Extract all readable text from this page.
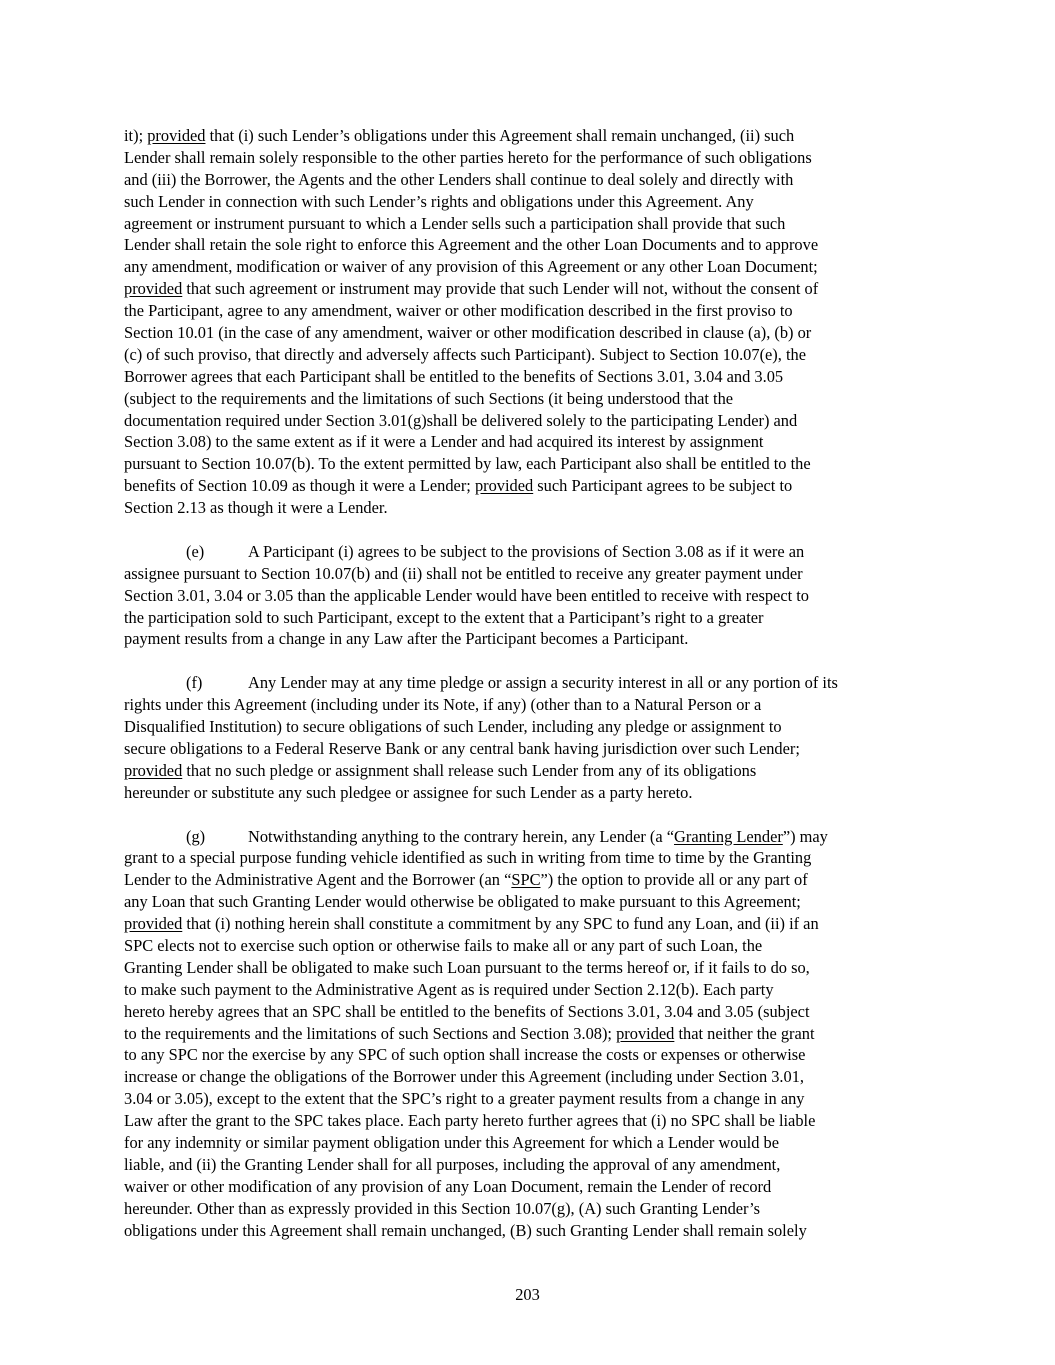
it); provided that (i) such Lender’s obligations under this Agreement shall remain unchanged, (ii) such
Lender shall remain solely responsible to the other parties hereto for the performance of such obligations
and (iii) the Borrower, the Agents and the other Lenders shall continue to deal solely and directly with
such Lender in connection with such Lender’s rights and obligations under this Agreement. Any
agreement or instrument pursuant to which a Lender sells such a participation shall provide that such
Lender shall retain the sole right to enforce this Agreement and the other Loan Documents and to approve
any amendment, modification or waiver of any provision of this Agreement or any other Loan Document;
provided that such agreement or instrument may provide that such Lender will not, without the consent of
the Participant, agree to any amendment, waiver or other modification described in the first proviso to
Section 10.01 (in the case of any amendment, waiver or other modification described in clause (a), (b) or
(c) of such proviso, that directly and adversely affects such Participant). Subject to Section 10.07(e), the
Borrower agrees that each Participant shall be entitled to the benefits of Sections 3.01, 3.04 and 3.05
(subject to the requirements and the limitations of such Sections (it being understood that the
documentation required under Section 3.01(g)shall be delivered solely to the participating Lender) and
Section 3.08) to the same extent as if it were a Lender and had acquired its interest by assignment
pursuant to Section 10.07(b). To the extent permitted by law, each Participant also shall be entitled to the
benefits of Section 10.09 as though it were a Lender; provided such Participant agrees to be subject to
Section 2.13 as though it were a Lender.
(e)	A Participant (i) agrees to be subject to the provisions of Section 3.08 as if it were an
assignee pursuant to Section 10.07(b) and (ii) shall not be entitled to receive any greater payment under
Section 3.01, 3.04 or 3.05 than the applicable Lender would have been entitled to receive with respect to
the participation sold to such Participant, except to the extent that a Participant’s right to a greater
payment results from a change in any Law after the Participant becomes a Participant.
(f)	Any Lender may at any time pledge or assign a security interest in all or any portion of its
rights under this Agreement (including under its Note, if any) (other than to a Natural Person or a
Disqualified Institution) to secure obligations of such Lender, including any pledge or assignment to
secure obligations to a Federal Reserve Bank or any central bank having jurisdiction over such Lender;
provided that no such pledge or assignment shall release such Lender from any of its obligations
hereunder or substitute any such pledgee or assignee for such Lender as a party hereto.
(g)	Notwithstanding anything to the contrary herein, any Lender (a “Granting Lender”) may
grant to a special purpose funding vehicle identified as such in writing from time to time by the Granting
Lender to the Administrative Agent and the Borrower (an “SPC”) the option to provide all or any part of
any Loan that such Granting Lender would otherwise be obligated to make pursuant to this Agreement;
provided that (i) nothing herein shall constitute a commitment by any SPC to fund any Loan, and (ii) if an
SPC elects not to exercise such option or otherwise fails to make all or any part of such Loan, the
Granting Lender shall be obligated to make such Loan pursuant to the terms hereof or, if it fails to do so,
to make such payment to the Administrative Agent as is required under Section 2.12(b). Each party
hereto hereby agrees that an SPC shall be entitled to the benefits of Sections 3.01, 3.04 and 3.05 (subject
to the requirements and the limitations of such Sections and Section 3.08); provided that neither the grant
to any SPC nor the exercise by any SPC of such option shall increase the costs or expenses or otherwise
increase or change the obligations of the Borrower under this Agreement (including under Section 3.01,
3.04 or 3.05), except to the extent that the SPC’s right to a greater payment results from a change in any
Law after the grant to the SPC takes place. Each party hereto further agrees that (i) no SPC shall be liable
for any indemnity or similar payment obligation under this Agreement for which a Lender would be
liable, and (ii) the Granting Lender shall for all purposes, including the approval of any amendment,
waiver or other modification of any provision of any Loan Document, remain the Lender of record
hereunder. Other than as expressly provided in this Section 10.07(g), (A) such Granting Lender’s
obligations under this Agreement shall remain unchanged, (B) such Granting Lender shall remain solely
203
